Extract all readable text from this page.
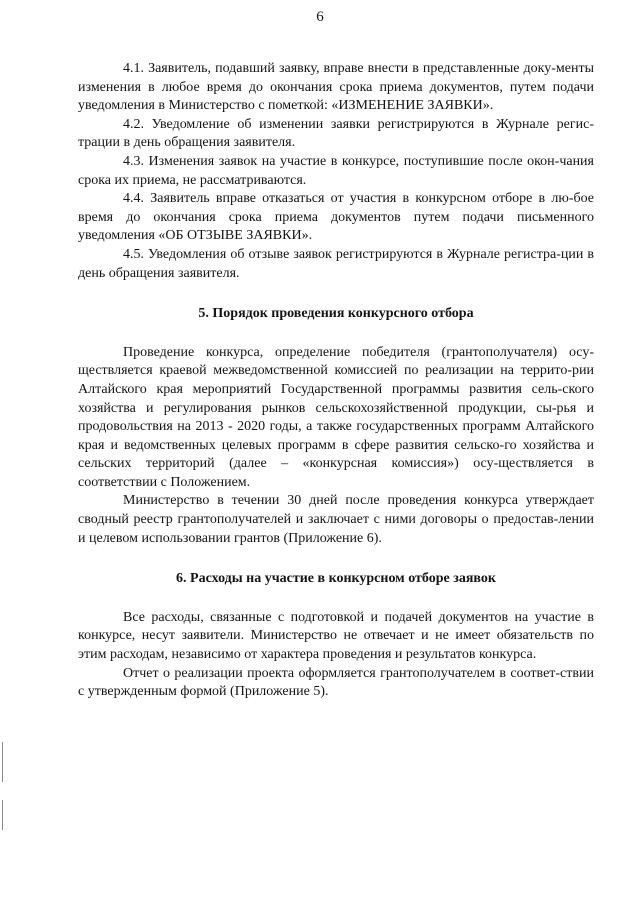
6

4.1. Заявитель, подавший заявку, вправе внести в представленные доку-менты изменения в любое время до окончания срока приема документов, путем подачи уведомления в Министерство с пометкой: «ИЗМЕНЕНИЕ ЗАЯВКИ».

4.2. Уведомление об изменении заявки регистрируются в Журнале регис-трации в день обращения заявителя.

4.3. Изменения заявок на участие в конкурсе, поступившие после окон-чания срока их приема, не рассматриваются.

4.4. Заявитель вправе отказаться от участия в конкурсном отборе в лю-бое время до окончания срока приема документов путем подачи письменного уведомления «ОБ ОТЗЫВЕ ЗАЯВКИ».

4.5. Уведомления об отзыве заявок регистрируются в Журнале регистра-ции в день обращения заявителя.

5. Порядок проведения конкурсного отбора

Проведение конкурса, определение победителя (грантополучателя) осу-ществляется краевой межведомственной комиссией по реализации на террито-рии Алтайского края мероприятий Государственной программы развития сель-ского хозяйства и регулирования рынков сельскохозяйственной продукции, сы-рья и продовольствия на 2013 - 2020 годы, а также государственных программ Алтайского края и ведомственных целевых программ в сфере развития сельско-го хозяйства и сельских территорий (далее – «конкурсная комиссия») осу-ществляется в соответствии с Положением.

Министерство в течении 30 дней после проведения конкурса утверждает сводный реестр грантополучателей и заключает с ними договоры о предостав-лении и целевом использовании грантов (Приложение 6).

6. Расходы на участие в конкурсном отборе заявок

Все расходы, связанные с подготовкой и подачей документов на участие в конкурсе, несут заявители. Министерство не отвечает и не имеет обязательств по этим расходам, независимо от характера проведения и результатов конкурса.

Отчет о реализации проекта оформляется грантополучателем в соответ-ствии с утвержденным формой (Приложение 5).
